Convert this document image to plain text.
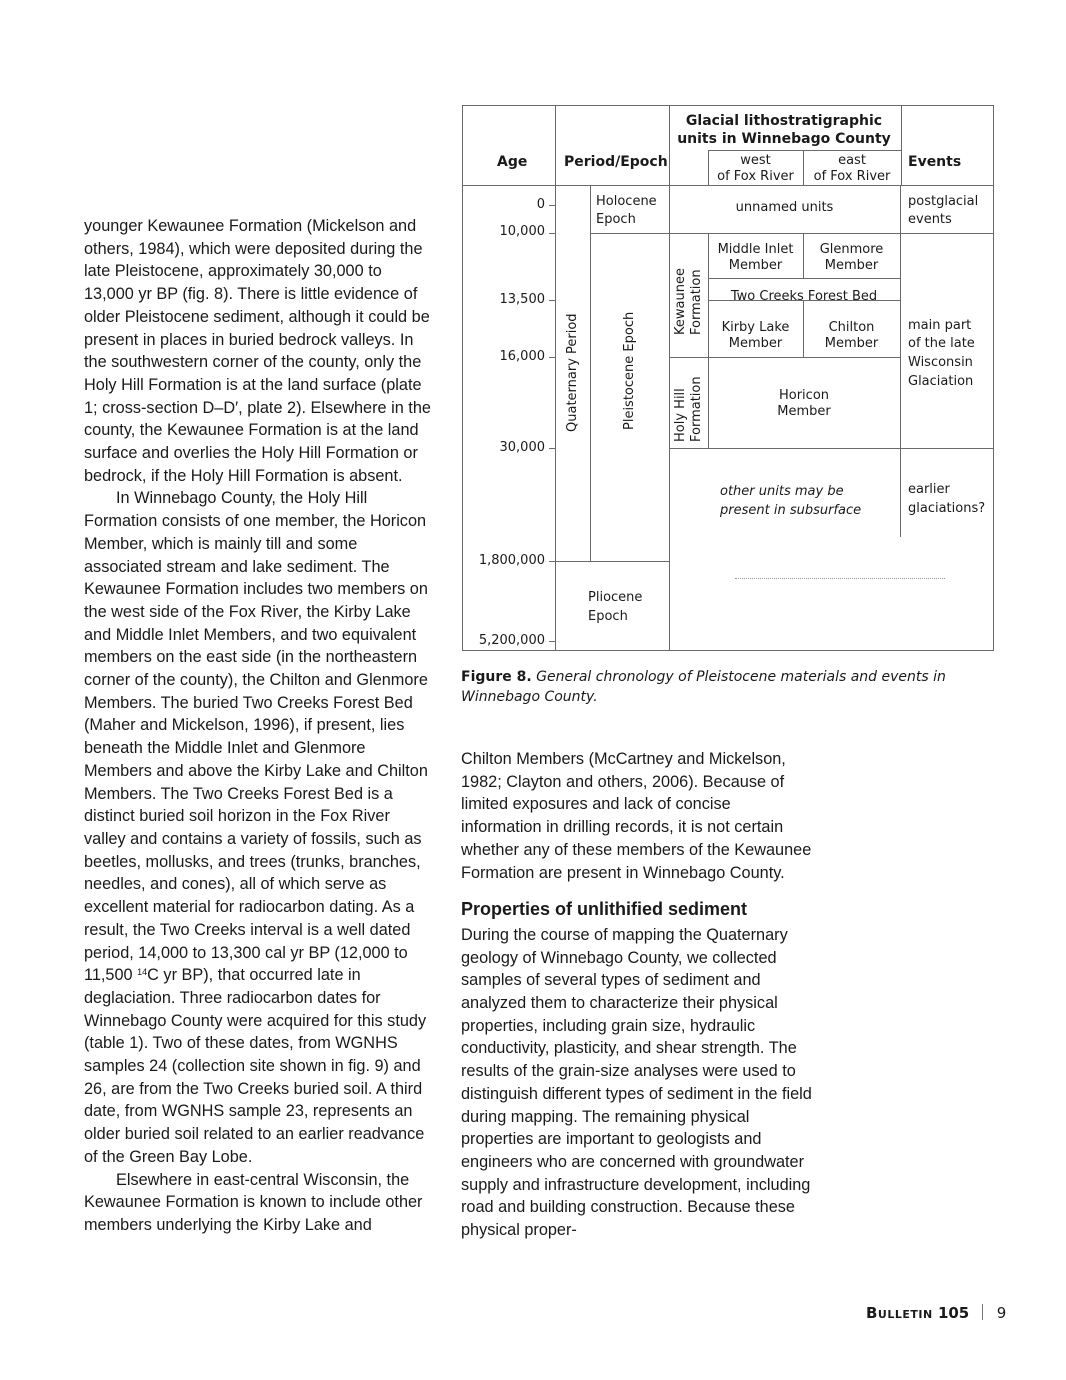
younger Kewaunee Formation (Mickelson and others, 1984), which were deposited during the late Pleistocene, approximately 30,000 to 13,000 yr BP (fig. 8). There is little evidence of older Pleistocene sediment, although it could be present in places in buried bedrock valleys. In the southwestern corner of the county, only the Holy Hill Formation is at the land surface (plate 1; cross-section D–D′, plate 2). Elsewhere in the county, the Kewaunee Formation is at the land surface and overlies the Holy Hill Formation or bedrock, if the Holy Hill Formation is absent.

In Winnebago County, the Holy Hill Formation consists of one member, the Horicon Member, which is mainly till and some associated stream and lake sediment. The Kewaunee Formation includes two members on the west side of the Fox River, the Kirby Lake and Middle Inlet Members, and two equivalent members on the east side (in the northeastern corner of the county), the Chilton and Glenmore Members. The buried Two Creeks Forest Bed (Maher and Mickelson, 1996), if present, lies beneath the Middle Inlet and Glenmore Members and above the Kirby Lake and Chilton Members. The Two Creeks Forest Bed is a distinct buried soil horizon in the Fox River valley and contains a variety of fossils, such as beetles, mollusks, and trees (trunks, branches, needles, and cones), all of which serve as excellent material for radiocarbon dating. As a result, the Two Creeks interval is a well dated period, 14,000 to 13,300 cal yr BP (12,000 to 11,500 $^{14}$C yr BP), that occurred late in deglaciation. Three radiocarbon dates for Winnebago County were acquired for this study (table 1). Two of these dates, from WGNHS samples 24 (collection site shown in fig. 9) and 26, are from the Two Creeks buried soil. A third date, from WGNHS sample 23, represents an older buried soil related to an earlier readvance of the Green Bay Lobe.

Elsewhere in east-central Wisconsin, the Kewaunee Formation is known to include other members underlying the Kirby Lake and

Age	Period/Epoch
Glacial lithostratigraphic
units in Winnebago County
west
of Fox River
east
of Fox River
Events
0
10,000
13,500
16,000
30,000
1,800,000
5,200,000
Holocene
Epoch
Quaternary Period	Pleistocene Epoch
Pliocene
Epoch
Kewaunee Formation
Holy Hill Formation
unnamed units
Middle Inlet
Member
Glenmore
Member
Two Creeks Forest Bed
Kirby Lake
Member
Chilton
Member
Horicon
Member
other units may be
present in subsurface
postglacial
events
main part
of the late
Wisconsin
Glaciation
earlier
glaciations?
Figure 8. General chronology of Pleistocene materials and events in Winnebago County.

Chilton Members (McCartney and Mickelson, 1982; Clayton and others, 2006). Because of limited exposures and lack of concise information in drilling records, it is not certain whether any of these members of the Kewaunee Formation are present in Winnebago County.

Properties of unlithified sediment

During the course of mapping the Quaternary geology of Winnebago County, we collected samples of several types of sediment and analyzed them to characterize their physical properties, including grain size, hydraulic conductivity, plasticity, and shear strength. The results of the grain-size analyses were used to distinguish different types of sediment in the field during mapping. The remaining physical properties are important to geologists and engineers who are concerned with groundwater supply and infrastructure development, including road and building construction. Because these physical proper-

Bulletin 105 9
